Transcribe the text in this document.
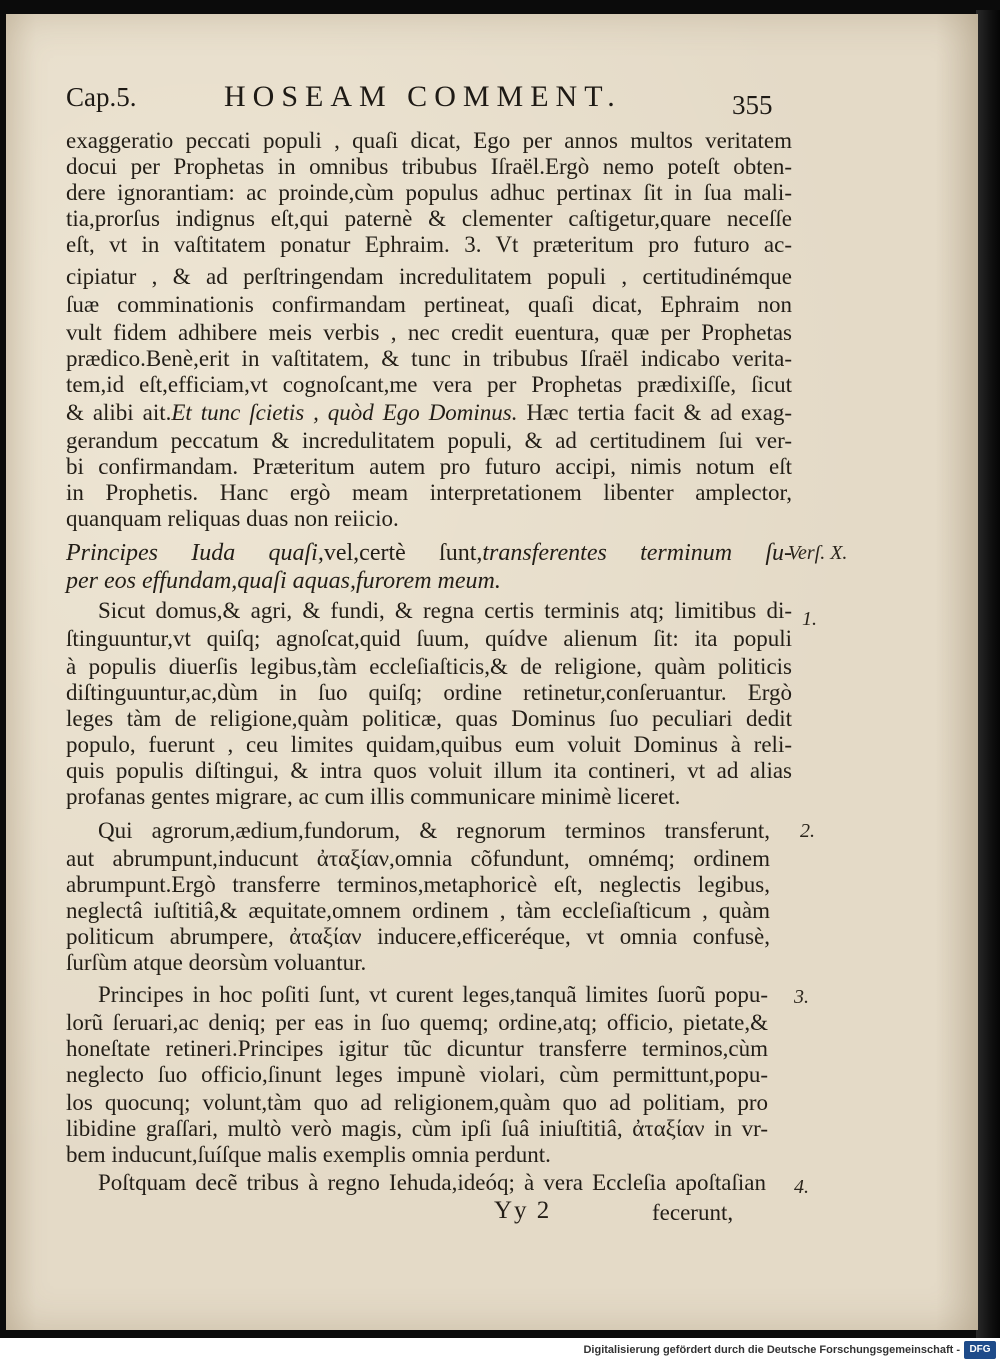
Cap.5.	HOSEAM COMMENT.	355
exaggeratio peccati populi , quaſi dicat, Ego per annos multos veritatem
docui per Prophetas in omnibus tribubus Iſraël.Ergò nemo poteſt obten-
dere ignorantiam: ac proinde,cùm populus adhuc pertinax ſit in ſua mali-
tia,prorſus indignus eſt,qui paternè & clementer caſtigetur,quare neceſſe
eſt, vt in vaſtitatem ponatur Ephraim. 3. Vt præteritum pro futuro ac-
cipiatur , & ad perſtringendam incredulitatem populi , certitudinémque
ſuæ comminationis confirmandam pertineat, quaſi dicat, Ephraim non
vult fidem adhibere meis verbis , nec credit euentura, quæ per Prophetas
prædico.Benè,erit in vaſtitatem, & tunc in tribubus Iſraël indicabo verita-
tem,id eſt,efficiam,vt cognoſcant,me vera per Prophetas prædixiſſe, ſicut
& alibi ait.Et tunc ſcietis , quòd Ego Dominus. Hæc tertia facit & ad exag-
gerandum peccatum & incredulitatem populi, & ad certitudinem ſui ver-
bi confirmandam. Præteritum autem pro futuro accipi, nimis notum eſt
in Prophetis. Hanc ergò meam interpretationem libenter amplector,
quanquam reliquas duas non reiicio.
Principes Iuda quaſi,vel,certè ſunt,transferentes terminum ſu-
per eos effundam,quaſi aquas,furorem meum.
Sicut domus,& agri, & fundi, & regna certis terminis atq; limitibus di-
ſtinguuntur,vt quiſq; agnoſcat,quid ſuum, quídve alienum ſit: ita populi
à populis diuerſis legibus,tàm eccleſiaſticis,& de religione, quàm politicis
diſtinguuntur,ac,dùm in ſuo quiſq; ordine retinetur,conſeruantur. Ergò
leges tàm de religione,quàm politicæ, quas Dominus ſuo peculiari dedit
populo, fuerunt , ceu limites quidam,quibus eum voluit Dominus à reli-
quis populis diſtingui, & intra quos voluit illum ita contineri, vt ad alias
profanas gentes migrare, ac cum illis communicare minimè liceret.
Qui agrorum,ædium,fundorum, & regnorum terminos transferunt,
aut abrumpunt,inducunt ἀταξίαν,omnia cõfundunt, omnémq; ordinem
abrumpunt.Ergò transferre terminos,metaphoricè eſt, neglectis legibus,
neglectâ iuſtitiâ,& æquitate,omnem ordinem , tàm eccleſiaſticum , quàm
politicum abrumpere, ἀταξίαν inducere,efficeréque, vt omnia confusè,
ſurſùm atque deorsùm voluantur.
Principes in hoc poſiti ſunt, vt curent leges,tanquã limites ſuorũ popu-
lorũ ſeruari,ac deniq; per eas in ſuo quemq; ordine,atq; officio, pietate,&
honeſtate retineri.Principes igitur tũc dicuntur transferre terminos,cùm
neglecto ſuo officio,ſinunt leges impunè violari, cùm permittunt,popu-
los quocunq; volunt,tàm quo ad religionem,quàm quo ad politiam, pro
libidine graſſari, multò verò magis, cùm ipſi ſuâ iniuſtitiâ, ἀταξίαν in vr-
bem inducunt,ſuíſque malis exemplis omnia perdunt.
Poſtquam decẽ tribus à regno Iehuda,ideóq; à vera Eccleſia apoſtaſian
Verſ. X.
1.
2.
3.
4.
Yy 2	fecerunt,
Digitalisierung gefördert durch die Deutsche Forschungsgemeinschaft - DFG
